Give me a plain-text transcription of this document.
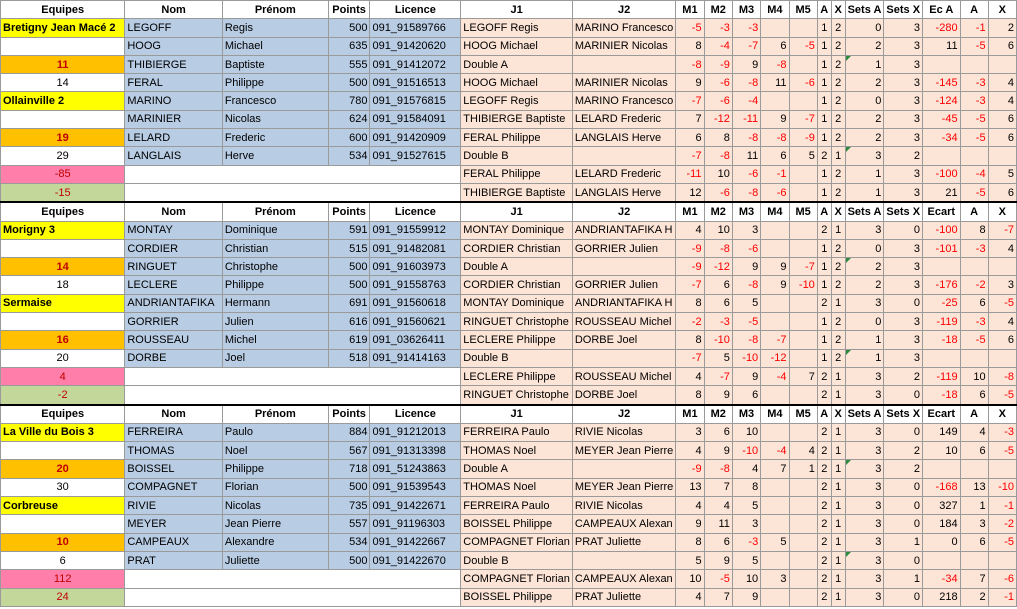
Equipes	Nom	Prénom	Points	Licence	J1	J2	M1	M2	M3	M4	M5	A	X	Sets A	Sets X	Ec A	A	X
Bretigny Jean Macé 2	LEGOFF	Regis	500	091_91589766	LEGOFF Regis	MARINO Francesco	-5	-3	-3			1	2	0	3	-280	-1	2
	HOOG	Michael	635	091_91420620	HOOG Michael	MARINIER Nicolas	8	-4	-7	6	-5	1	2	2	3	11	-5	6
11	THIBIERGE	Baptiste	555	091_91412072	Double A		-8	-9	9	-8		1	2	1	3			
14	FERAL	Philippe	500	091_91516513	HOOG Michael	MARINIER Nicolas	9	-6	-8	11	-6	1	2	2	3	-145	-3	4
Ollainville 2	MARINO	Francesco	780	091_91576815	LEGOFF Regis	MARINO Francesco	-7	-6	-4			1	2	0	3	-124	-3	4
	MARINIER	Nicolas	624	091_91584091	THIBIERGE Baptiste	LELARD Frederic	7	-12	-11	9	-7	1	2	2	3	-45	-5	6
19	LELARD	Frederic	600	091_91420909	FERAL Philippe	LANGLAIS Herve	6	8	-8	-8	-9	1	2	2	3	-34	-5	6
29	LANGLAIS	Herve	534	091_91527615	Double B		-7	-8	11	6	5	2	1	3	2			
-85					FERAL Philippe	LELARD Frederic	-11	10	-6	-1		1	2	1	3	-100	-4	5
-15					THIBIERGE Baptiste	LANGLAIS Herve	12	-6	-8	-6		1	2	1	3	21	-5	6
Equipes	Nom	Prénom	Points	Licence	J1	J2	M1	M2	M3	M4	M5	A	X	Sets A	Sets X	Ecart	A	X
Morigny 3	MONTAY	Dominique	591	091_91559912	MONTAY Dominique	ANDRIANTAFIKA H	4	10	3			2	1	3	0	-100	8	-7
	CORDIER	Christian	515	091_91482081	CORDIER Christian	GORRIER Julien	-9	-8	-6			1	2	0	3	-101	-3	4
14	RINGUET	Christophe	500	091_91603973	Double A		-9	-12	9	9	-7	1	2	2	3			
18	LECLERE	Philippe	500	091_91558763	CORDIER Christian	GORRIER Julien	-7	6	-8	9	-10	1	2	2	3	-176	-2	3
Sermaise	ANDRIANTAFIKA	Hermann	691	091_91560618	MONTAY Dominique	ANDRIANTAFIKA H	8	6	5			2	1	3	0	-25	6	-5
	GORRIER	Julien	616	091_91560621	RINGUET Christophe	ROUSSEAU Michel	-2	-3	-5			1	2	0	3	-119	-3	4
16	ROUSSEAU	Michel	619	091_03626411	LECLERE Philippe	DORBE Joel	8	-10	-8	-7		1	2	1	3	-18	-5	6
20	DORBE	Joel	518	091_91414163	Double B		-7	5	-10	-12		1	2	1	3			
4					LECLERE Philippe	ROUSSEAU Michel	4	-7	9	-4	7	2	1	3	2	-119	10	-8
-2					RINGUET Christophe	DORBE Joel	8	9	6			2	1	3	0	-18	6	-5
Equipes	Nom	Prénom	Points	Licence	J1	J2	M1	M2	M3	M4	M5	A	X	Sets A	Sets X	Ecart	A	X
La Ville du Bois 3	FERREIRA	Paulo	884	091_91212013	FERREIRA Paulo	RIVIE Nicolas	3	6	10			2	1	3	0	149	4	-3
	THOMAS	Noel	567	091_91313398	THOMAS Noel	MEYER Jean Pierre	4	9	-10	-4	4	2	1	3	2	10	6	-5
20	BOISSEL	Philippe	718	091_51243863	Double A		-9	-8	4	7	1	2	1	3	2			
30	COMPAGNET	Florian	500	091_91539543	THOMAS Noel	MEYER Jean Pierre	13	7	8			2	1	3	0	-168	13	-10
Corbreuse	RIVIE	Nicolas	735	091_91422671	FERREIRA Paulo	RIVIE Nicolas	4	4	5			2	1	3	0	327	1	-1
	MEYER	Jean Pierre	557	091_91196303	BOISSEL Philippe	CAMPEAUX Alexan	9	11	3			2	1	3	0	184	3	-2
10	CAMPEAUX	Alexandre	534	091_91422667	COMPAGNET Florian	PRAT Juliette	8	6	-3	5		2	1	3	1	0	6	-5
6	PRAT	Juliette	500	091_91422670	Double B		5	9	5			2	1	3	0			
112					COMPAGNET Florian	CAMPEAUX Alexan	10	-5	10	3		2	1	3	1	-34	7	-6
24					BOISSEL Philippe	PRAT Juliette	4	7	9			2	1	3	0	218	2	-1
